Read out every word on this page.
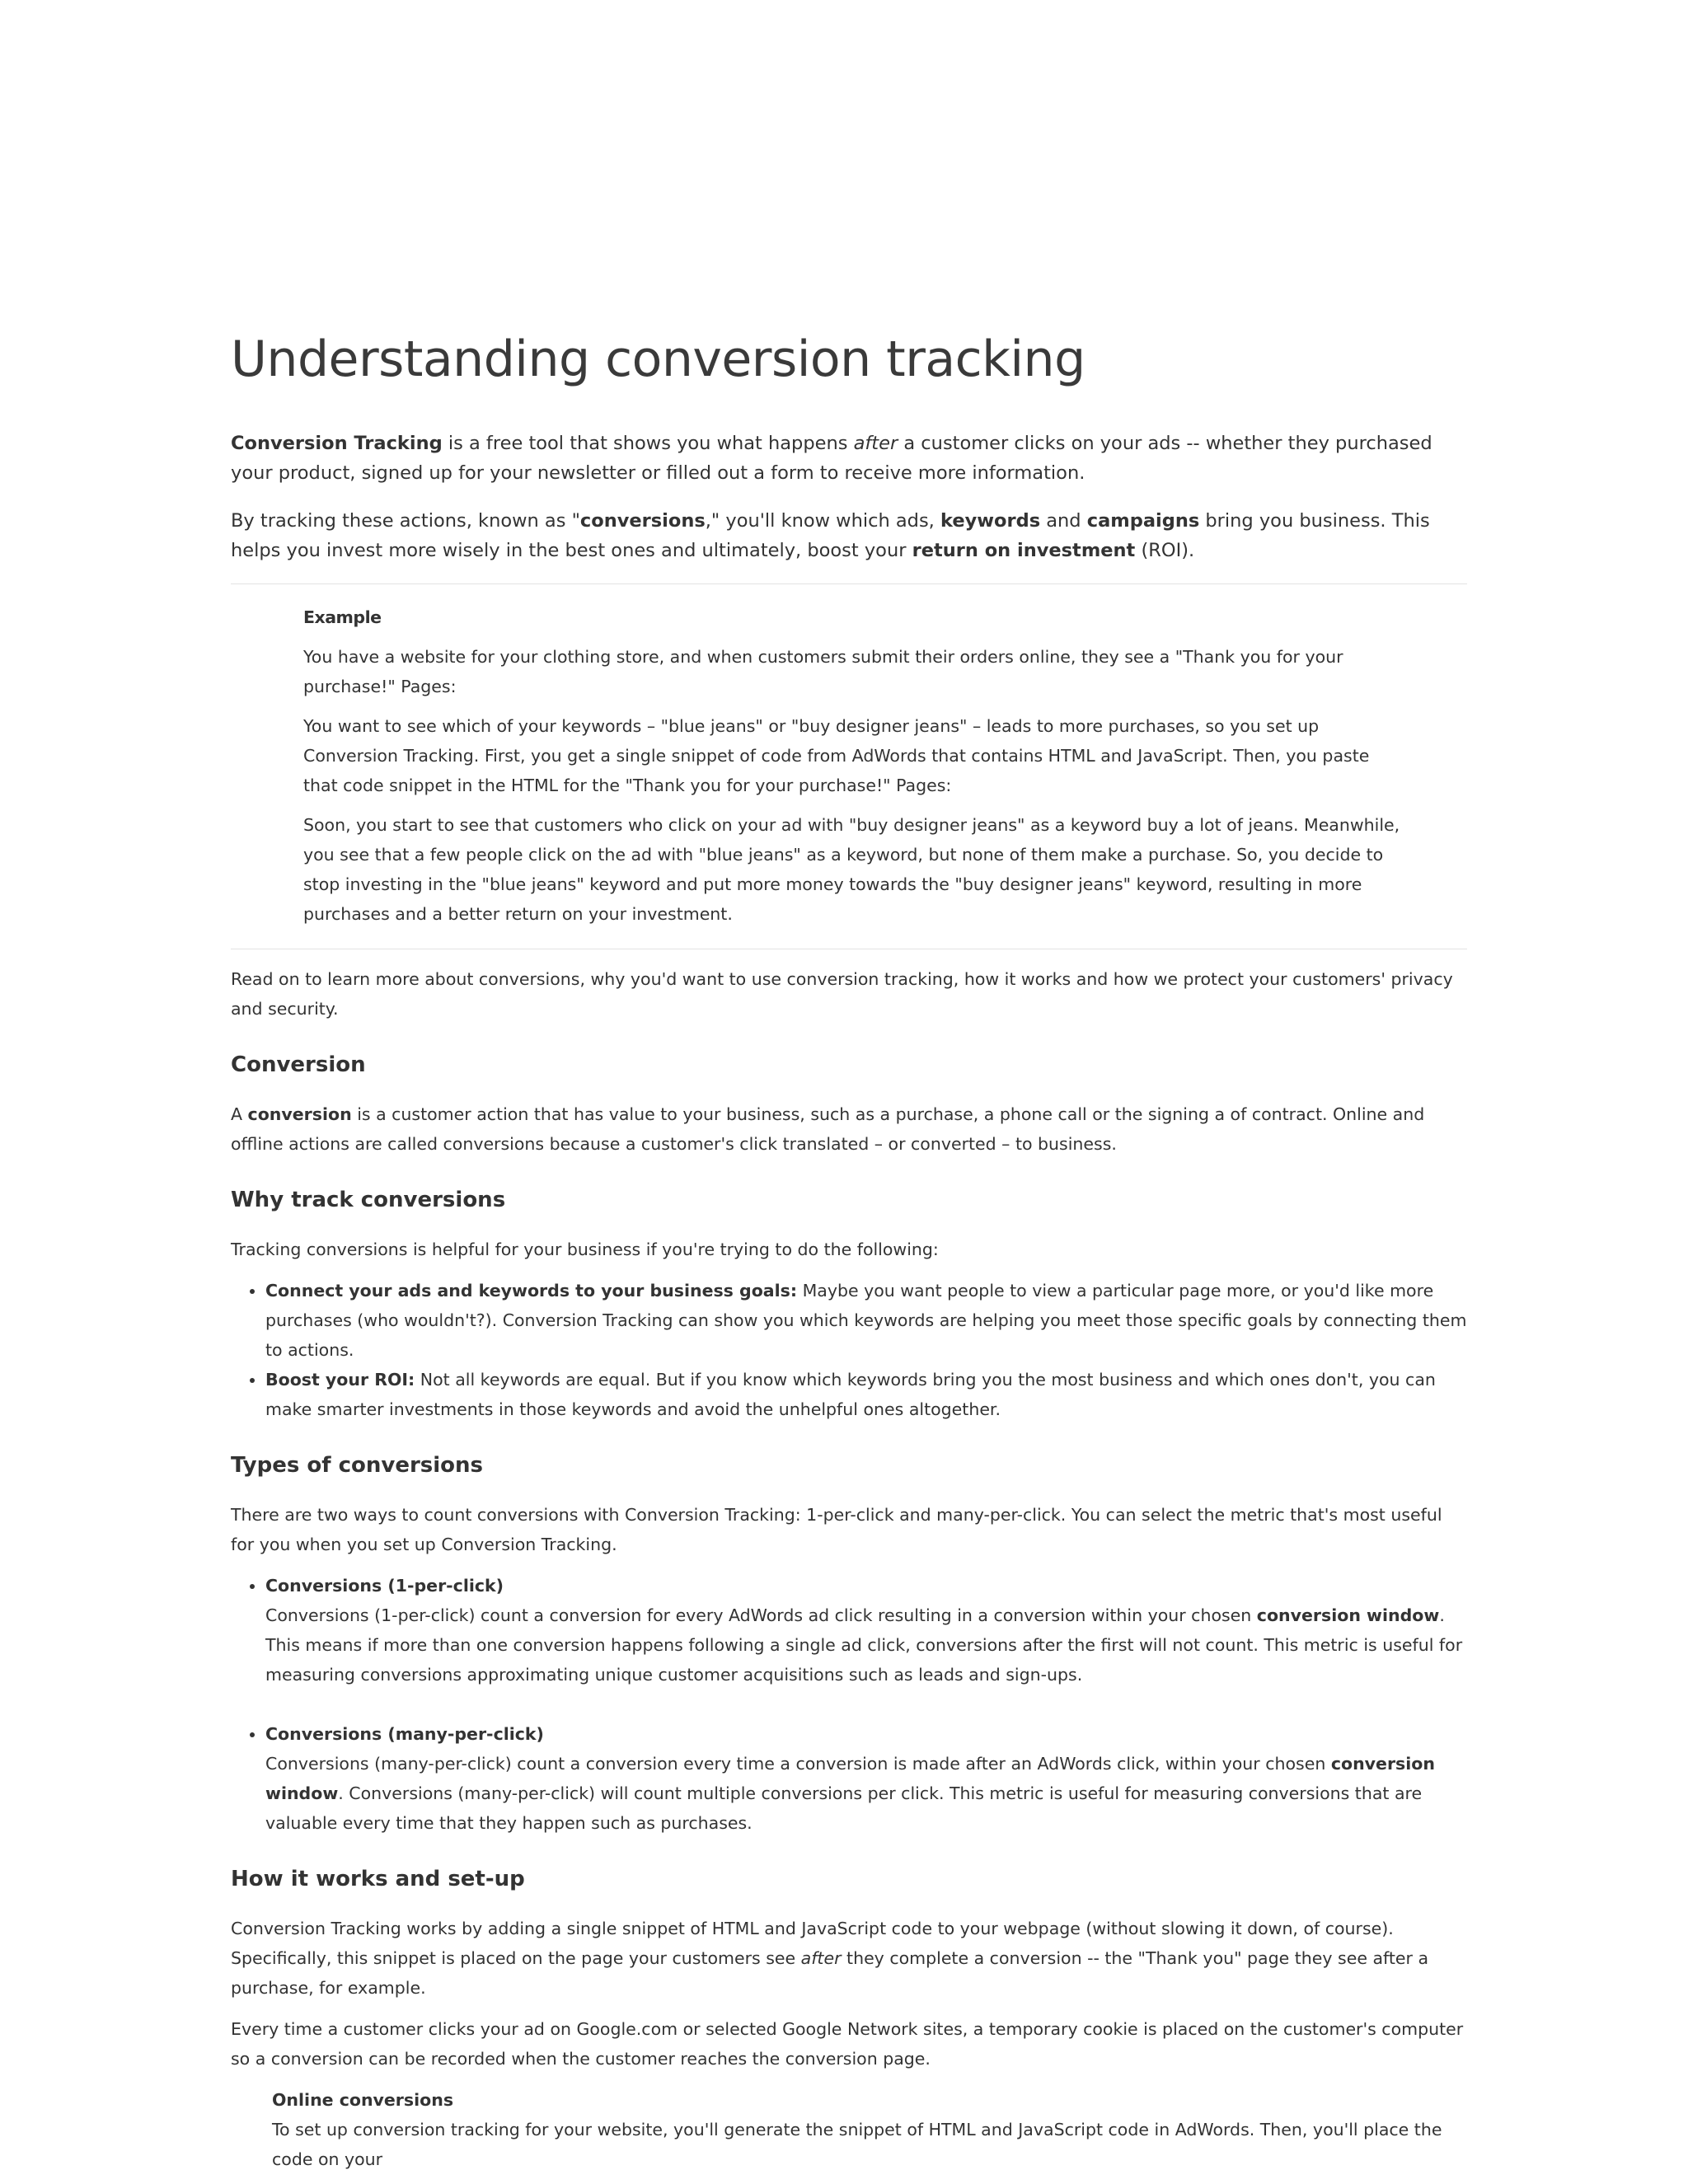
Understanding conversion tracking

Conversion Tracking is a free tool that shows you what happens after a customer clicks on your ads -- whether they purchased your product, signed up for your newsletter or filled out a form to receive more information.

By tracking these actions, known as "conversions," you'll know which ads, keywords and campaigns bring you business. This helps you invest more wisely in the best ones and ultimately, boost your return on investment (ROI).

Example

You have a website for your clothing store, and when customers submit their orders online, they see a "Thank you for your purchase!" Pages:

You want to see which of your keywords – "blue jeans" or "buy designer jeans" – leads to more purchases, so you set up Conversion Tracking. First, you get a single snippet of code from AdWords that contains HTML and JavaScript. Then, you paste that code snippet in the HTML for the "Thank you for your purchase!" Pages:

Soon, you start to see that customers who click on your ad with "buy designer jeans" as a keyword buy a lot of jeans. Meanwhile, you see that a few people click on the ad with "blue jeans" as a keyword, but none of them make a purchase. So, you decide to stop investing in the "blue jeans" keyword and put more money towards the "buy designer jeans" keyword, resulting in more purchases and a better return on your investment.

Read on to learn more about conversions, why you'd want to use conversion tracking, how it works and how we protect your customers' privacy and security.

Conversion

A conversion is a customer action that has value to your business, such as a purchase, a phone call or the signing a of contract. Online and offline actions are called conversions because a customer's click translated – or converted – to business.

Why track conversions

Tracking conversions is helpful for your business if you're trying to do the following:

• Connect your ads and keywords to your business goals: Maybe you want people to view a particular page more, or you'd like more purchases (who wouldn't?). Conversion Tracking can show you which keywords are helping you meet those specific goals by connecting them to actions.
• Boost your ROI: Not all keywords are equal. But if you know which keywords bring you the most business and which ones don't, you can make smarter investments in those keywords and avoid the unhelpful ones altogether.
Types of conversions

There are two ways to count conversions with Conversion Tracking: 1-per-click and many-per-click. You can select the metric that's most useful for you when you set up Conversion Tracking.

• Conversions (1-per-click)
Conversions (1-per-click) count a conversion for every AdWords ad click resulting in a conversion within your chosen conversion window. This means if more than one conversion happens following a single ad click, conversions after the first will not count. This metric is useful for measuring conversions approximating unique customer acquisitions such as leads and sign-ups.
• Conversions (many-per-click)
Conversions (many-per-click) count a conversion every time a conversion is made after an AdWords click, within your chosen conversion window. Conversions (many-per-click) will count multiple conversions per click. This metric is useful for measuring conversions that are valuable every time that they happen such as purchases.
How it works and set-up

Conversion Tracking works by adding a single snippet of HTML and JavaScript code to your webpage (without slowing it down, of course). Specifically, this snippet is placed on the page your customers see after they complete a conversion -- the "Thank you" page they see after a purchase, for example.

Every time a customer clicks your ad on Google.com or selected Google Network sites, a temporary cookie is placed on the customer's computer so a conversion can be recorded when the customer reaches the conversion page.

Online conversions

To set up conversion tracking for your website, you'll generate the snippet of HTML and JavaScript code in AdWords. Then, you'll place the code on your
